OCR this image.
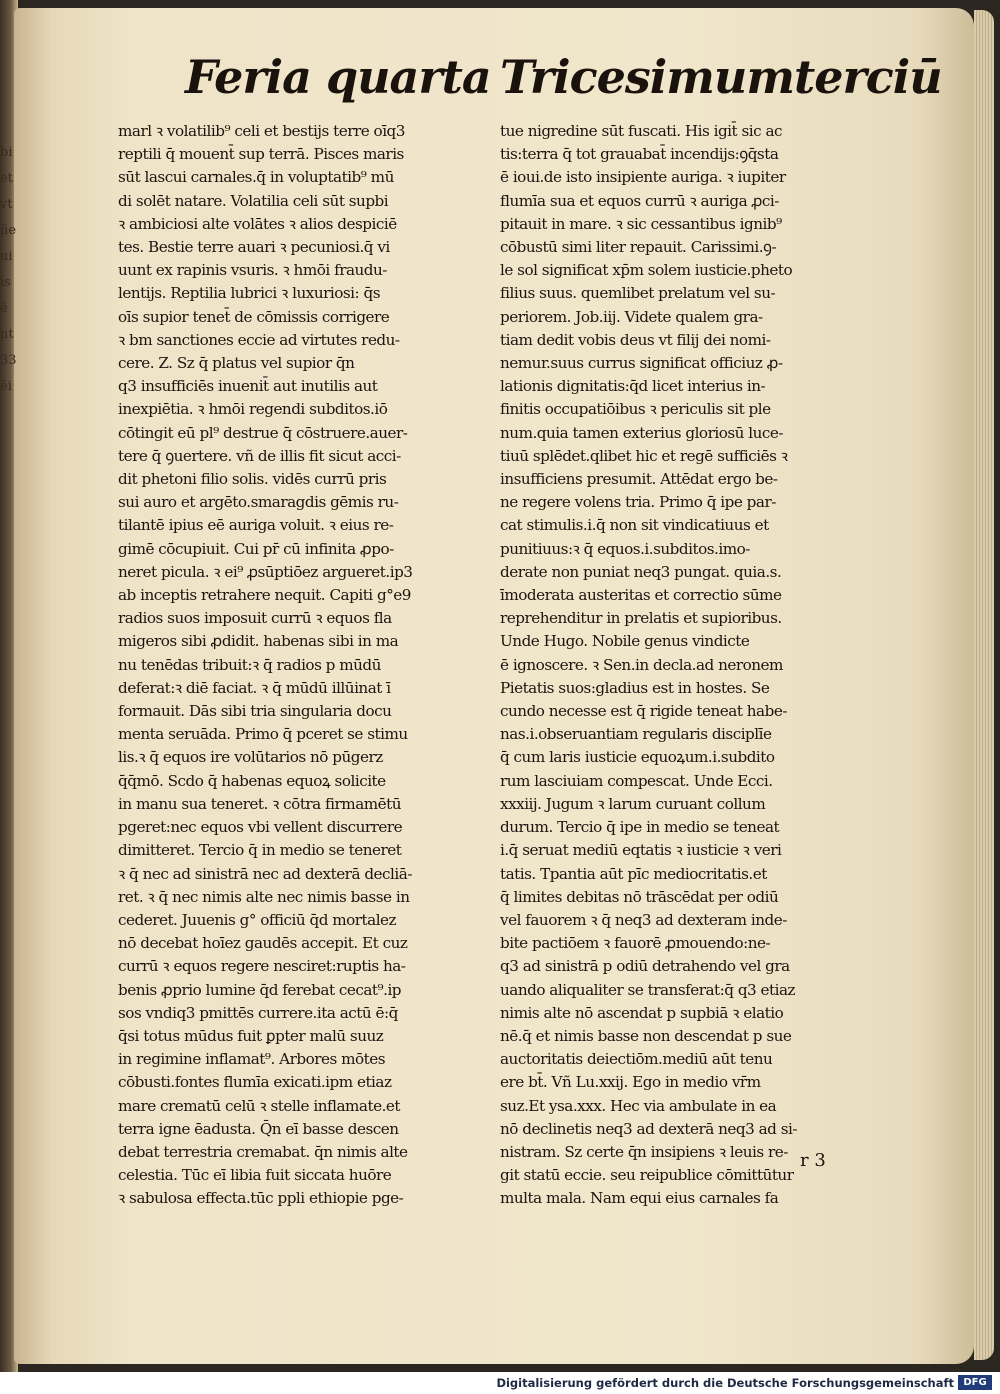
bi
et
vt
ñe
ui
is
ẽ
nt
33
ẽi
Feria quarta Tricesimumterciū
marl ꝛ volatilib⁹ celi et bestijs terre oīq3
reptili q̄ mouent̄ sup terrā. Pisces maris
sūt lascui carnales.q̄ in voluptatib⁹ mū
di solēt natare. Volatilia celi sūt supbi
ꝛ ambiciosi alte volātes ꝛ alios despiciē
tes. Bestie terre auari ꝛ pecuniosi.q̄ vi
uunt ex rapinis vsuris. ꝛ hmōi fraudu-
lentijs. Reptilia lubrici ꝛ luxuriosi: q̄s
oīs supior tenet̄ de cōmissis corrigere
ꝛ bm sanctiones eccie ad virtutes redu-
cere. Z. Sz q̄ platus vel supior q̄n
q3 insufficiēs inuenit̄ aut inutilis aut
inexpiētia. ꝛ hmōi regendi subditos.iō
cōtingit eū pl⁹ destrue q̄ cōstruere.auer-
tere q̄ ꝯuertere. vñ de illis fit sicut acci-
dit phetoni filio solis. vidēs currū pris
sui auro et argēto.smaragdis gēmis ru-
tilantē ipius eē auriga voluit. ꝛ eius re-
gimē cōcupiuit. Cui pr̄ cū infinita ꝓpo-
neret picula. ꝛ ei⁹ ꝓsūptiōez argueret.ip3
ab inceptis retrahere nequit. Capiti g°e9
radios suos imposuit currū ꝛ equos fla
migeros sibi ꝓdidit. habenas sibi in ma
nu tenēdas tribuit:ꝛ q̄ radios p mūdū
deferat:ꝛ diē faciat. ꝛ q̄ mūdū illūinat ī
formauit. Dās sibi tria singularia docu
menta seruāda. Primo q̄ pceret se stimu
lis.ꝛ q̄ equos ire volūtarios nō pūgerz
q̄q̄mō. Scdo q̄ habenas equoꝝ solicite
in manu sua teneret. ꝛ cōtra firmamētū
pgeret:nec equos vbi vellent discurrere
dimitteret. Tercio q̄ in medio se teneret
ꝛ q̄ nec ad sinistrā nec ad dexterā decliā-
ret. ꝛ q̄ nec nimis alte nec nimis basse in
cederet. Juuenis g° officiū q̄d mortalez
nō decebat hoīez gaudēs accepit. Et cuz
currū ꝛ equos regere nesciret:ruptis ha-
benis ꝓprio lumine q̄d ferebat cecat⁹.ip
sos vndiq3 pmittēs currere.ita actū ē:q̄
q̄si totus mūdus fuit ꝑpter malū suuz
in regimine inflamat⁹. Arbores mōtes
cōbusti.fontes flumīa exicati.ipm etiaz
mare crematū celū ꝛ stelle inflamate.et
terra igne ēadusta. Q̄n eī basse descen
debat terrestria cremabat. q̄n nimis alte
celestia. Tūc eī libia fuit siccata huōre
ꝛ sabulosa effecta.tūc ppli ethiopie pge-
tue nigredine sūt fuscati. His igit̄ sic ac
tis:terra q̄ tot grauabat̄ incendijs:ꝯq̄sta
ē ioui.de isto insipiente auriga. ꝛ iupiter
flumīa sua et equos currū ꝛ auriga ꝓci-
pitauit in mare. ꝛ sic cessantibus ignib⁹
cōbustū simi liter repauit. Carissimi.ꝯ-
le sol significat xp̄m solem iusticie.pheto
filius suus. quemlibet prelatum vel su-
periorem. Job.iij. Videte qualem gra-
tiam dedit vobis deus vt filij dei nomi-
nemur.suus currus significat officiuz ꝓ-
lationis dignitatis:q̄d licet interius in-
finitis occupatiōibus ꝛ periculis sit ple
num.quia tamen exterius gloriosū luce-
tiuū splēdet.qlibet hic et regē sufficiēs ꝛ
insufficiens presumit. Attēdat ergo be-
ne regere volens tria. Primo q̄ ipe par-
cat stimulis.i.q̄ non sit vindicatiuus et
punitiuus:ꝛ q̄ equos.i.subditos.imo-
derate non puniat neq3 pungat. quia.s.
īmoderata austeritas et correctio sūme
reprehenditur in prelatis et supioribus.
Unde Hugo. Nobile genus vindicte
ē ignoscere. ꝛ Sen.in decla.ad neronem
Pietatis suos:gladius est in hostes. Se
cundo necesse est q̄ rigide teneat habe-
nas.i.obseruantiam regularis disciplīe
q̄ cum laris iusticie equoꝝum.i.subdito
rum lasciuiam compescat. Unde Ecci.
xxxiij. Jugum ꝛ larum curuant collum
durum. Tercio q̄ ipe in medio se teneat
i.q̄ seruat mediū eqtatis ꝛ iusticie ꝛ veri
tatis. Tpantia aūt pīc mediocritatis.et
q̄ limites debitas nō trāscēdat per odiū
vel fauorem ꝛ q̄ neq3 ad dexteram inde-
bite pactiōem ꝛ fauorē ꝓmouendo:ne-
q3 ad sinistrā p odiū detrahendo vel gra
uando aliqualiter se transferat:q̄ q3 etiaz
nimis alte nō ascendat p supbiā ꝛ elatio
nē.q̄ et nimis basse non descendat p sue
auctoritatis deiectiōm.mediū aūt tenu
ere bt̄. Vñ Lu.xxij. Ego in medio vr̄m
suz.Et ysa.xxx. Hec via ambulate in ea
nō declinetis neq3 ad dexterā neq3 ad si-
nistram. Sz certe q̄n insipiens ꝛ leuis re-
git statū eccie. seu reipublice cōmittūtur
multa mala. Nam equi eius carnales fa
r 3
Digitalisierung gefördert durch die Deutsche Forschungsgemeinschaft DFG
